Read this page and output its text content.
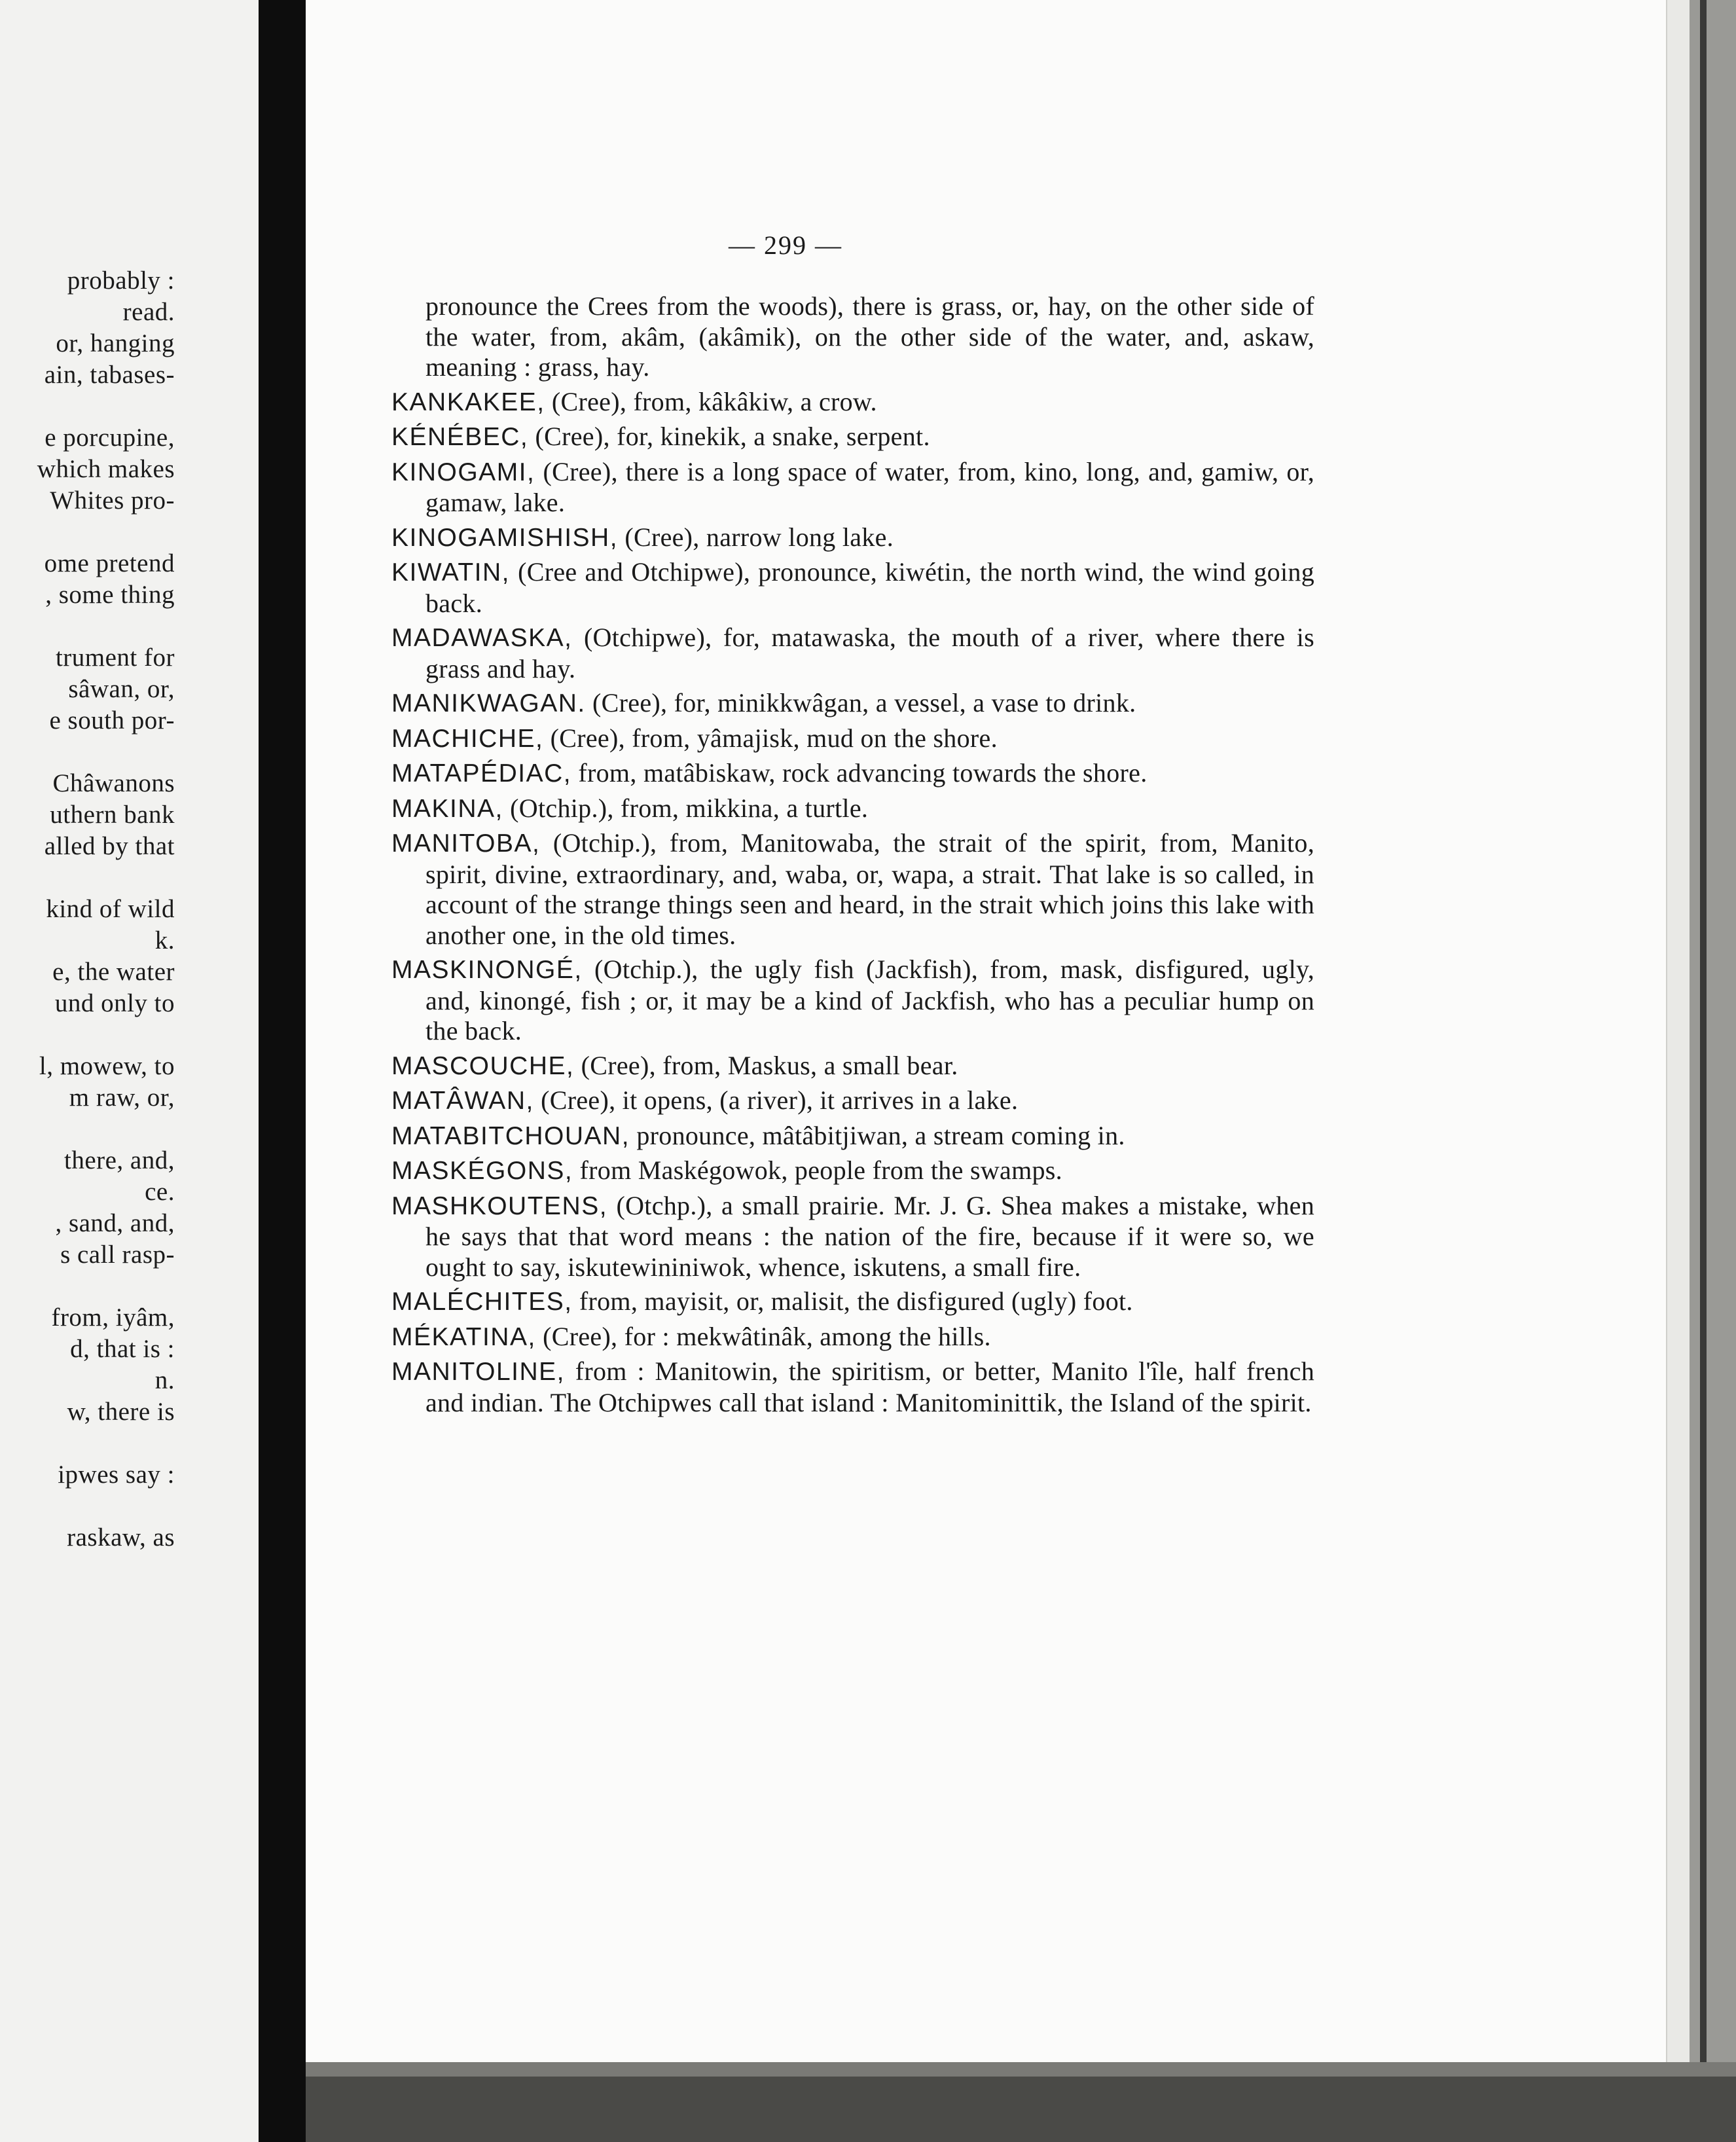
probably :
read.
or, hanging
ain, tabases-
e porcupine,
which makes
Whites pro-
ome pretend
, some thing
trument for
sâwan, or,
e south por-
Châwanons
uthern bank
alled by that
kind of wild
k.
e, the water
und only to
l, mowew, to
m raw, or,
there, and,
ce.
, sand, and,
s call rasp-
from, iyâm,
d, that is :
n.
w, there is
ipwes say :
raskaw, as
— 299 —
pronounce the Crees from the woods), there is grass, or, hay, on the other side of the water, from, akâm, (akâmik), on the other side of the water, and, askaw, meaning : grass, hay.
KANKAKEE, (Cree), from, kâkâkiw, a crow.
KÉNÉBEC, (Cree), for, kinekik, a snake, serpent.
KINOGAMI, (Cree), there is a long space of water, from, kino, long, and, gamiw, or, gamaw, lake.
KINOGAMISHISH, (Cree), narrow long lake.
KIWATIN, (Cree and Otchipwe), pronounce, kiwétin, the north wind, the wind going back.
MADAWASKA, (Otchipwe), for, matawaska, the mouth of a river, where there is grass and hay.
MANIKWAGAN. (Cree), for, minikkwâgan, a vessel, a vase to drink.
MACHICHE, (Cree), from, yâmajisk, mud on the shore.
MATAPÉDIAC, from, matâbiskaw, rock advancing towards the shore.
MAKINA, (Otchip.), from, mikkina, a turtle.
MANITOBA, (Otchip.), from, Manitowaba, the strait of the spirit, from, Manito, spirit, divine, extraordinary, and, waba, or, wapa, a strait. That lake is so called, in account of the strange things seen and heard, in the strait which joins this lake with another one, in the old times.
MASKINONGÉ, (Otchip.), the ugly fish (Jackfish), from, mask, disfigured, ugly, and, kinongé, fish ; or, it may be a kind of Jackfish, who has a peculiar hump on the back.
MASCOUCHE, (Cree), from, Maskus, a small bear.
MATÂWAN, (Cree), it opens, (a river), it arrives in a lake.
MATABITCHOUAN, pronounce, mâtâbitjiwan, a stream coming in.
MASKÉGONS, from Maskégowok, people from the swamps.
MASHKOUTENS, (Otchp.), a small prairie. Mr. J. G. Shea makes a mistake, when he says that that word means : the nation of the fire, because if it were so, we ought to say, iskutewininiwok, whence, iskutens, a small fire.
MALÉCHITES, from, mayisit, or, malisit, the disfigured (ugly) foot.
MÉKATINA, (Cree), for : mekwâtinâk, among the hills.
MANITOLINE, from : Manitowin, the spiritism, or better, Manito l'île, half french and indian. The Otchipwes call that island : Manitominittik, the Island of the spirit.
